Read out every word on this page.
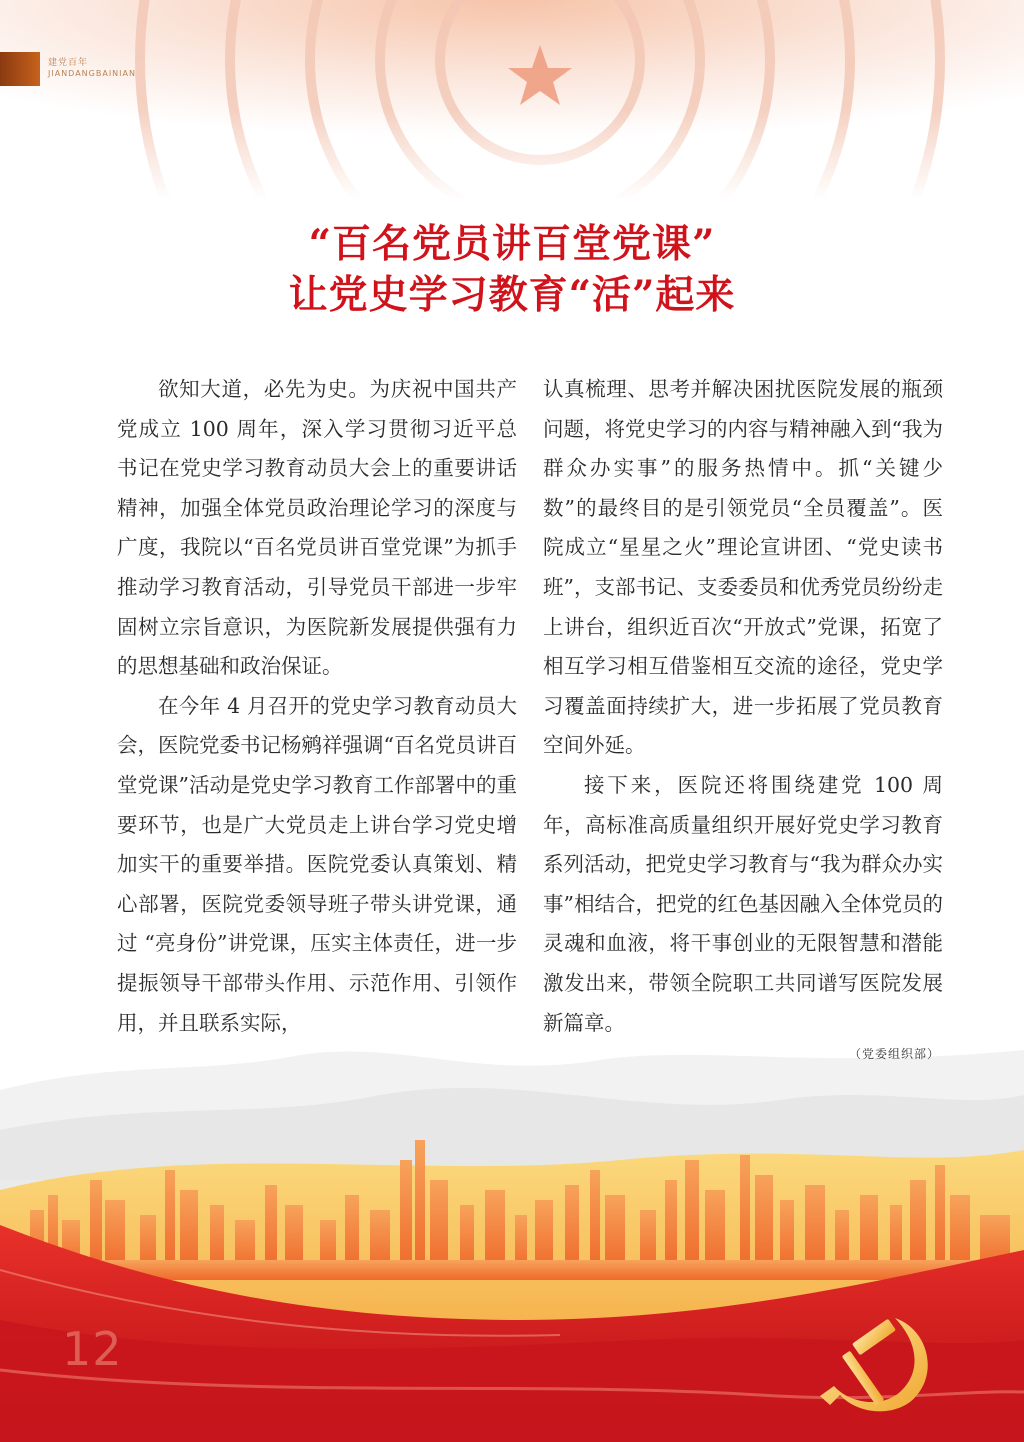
建党百年
JIANDANGBAINIAN
“百名党员讲百堂党课”
让党史学习教育“活”起来
12

欲知大道，必先为史。为庆祝中国共产党成立 100 周年，深入学习贯彻习近平总书记在党史学习教育动员大会上的重要讲话精神，加强全体党员政治理论学习的深度与广度，我院以“百名党员讲百堂党课”为抓手推动学习教育活动，引导党员干部进一步牢固树立宗旨意识，为医院新发展提供强有力的思想基础和政治保证。

在今年 4 月召开的党史学习教育动员大会，医院党委书记杨鹓祥强调“百名党员讲百堂党课”活动是党史学习教育工作部署中的重要环节，也是广大党员走上讲台学习党史增加实干的重要举措。医院党委认真策划、精心部署，医院党委领导班子带头讲党课，通过 “亮身份”讲党课，压实主体责任，进一步提振领导干部带头作用、示范作用、引领作用，并且联系实际，

认真梳理、思考并解决困扰医院发展的瓶颈问题，将党史学习的内容与精神融入到“我为群众办实事”的服务热情中。抓“关键少数”的最终目的是引领党员“全员覆盖”。医院成立“星星之火”理论宣讲团、“党史读书班”，支部书记、支委委员和优秀党员纷纷走上讲台，组织近百次“开放式”党课，拓宽了相互学习相互借鉴相互交流的途径，党史学习覆盖面持续扩大，进一步拓展了党员教育空间外延。

接下来，医院还将围绕建党 100 周年，高标准高质量组织开展好党史学习教育系列活动，把党史学习教育与“我为群众办实事”相结合，把党的红色基因融入全体党员的灵魂和血液，将干事创业的无限智慧和潜能激发出来，带领全院职工共同谱写医院发展新篇章。

（党委组织部）
